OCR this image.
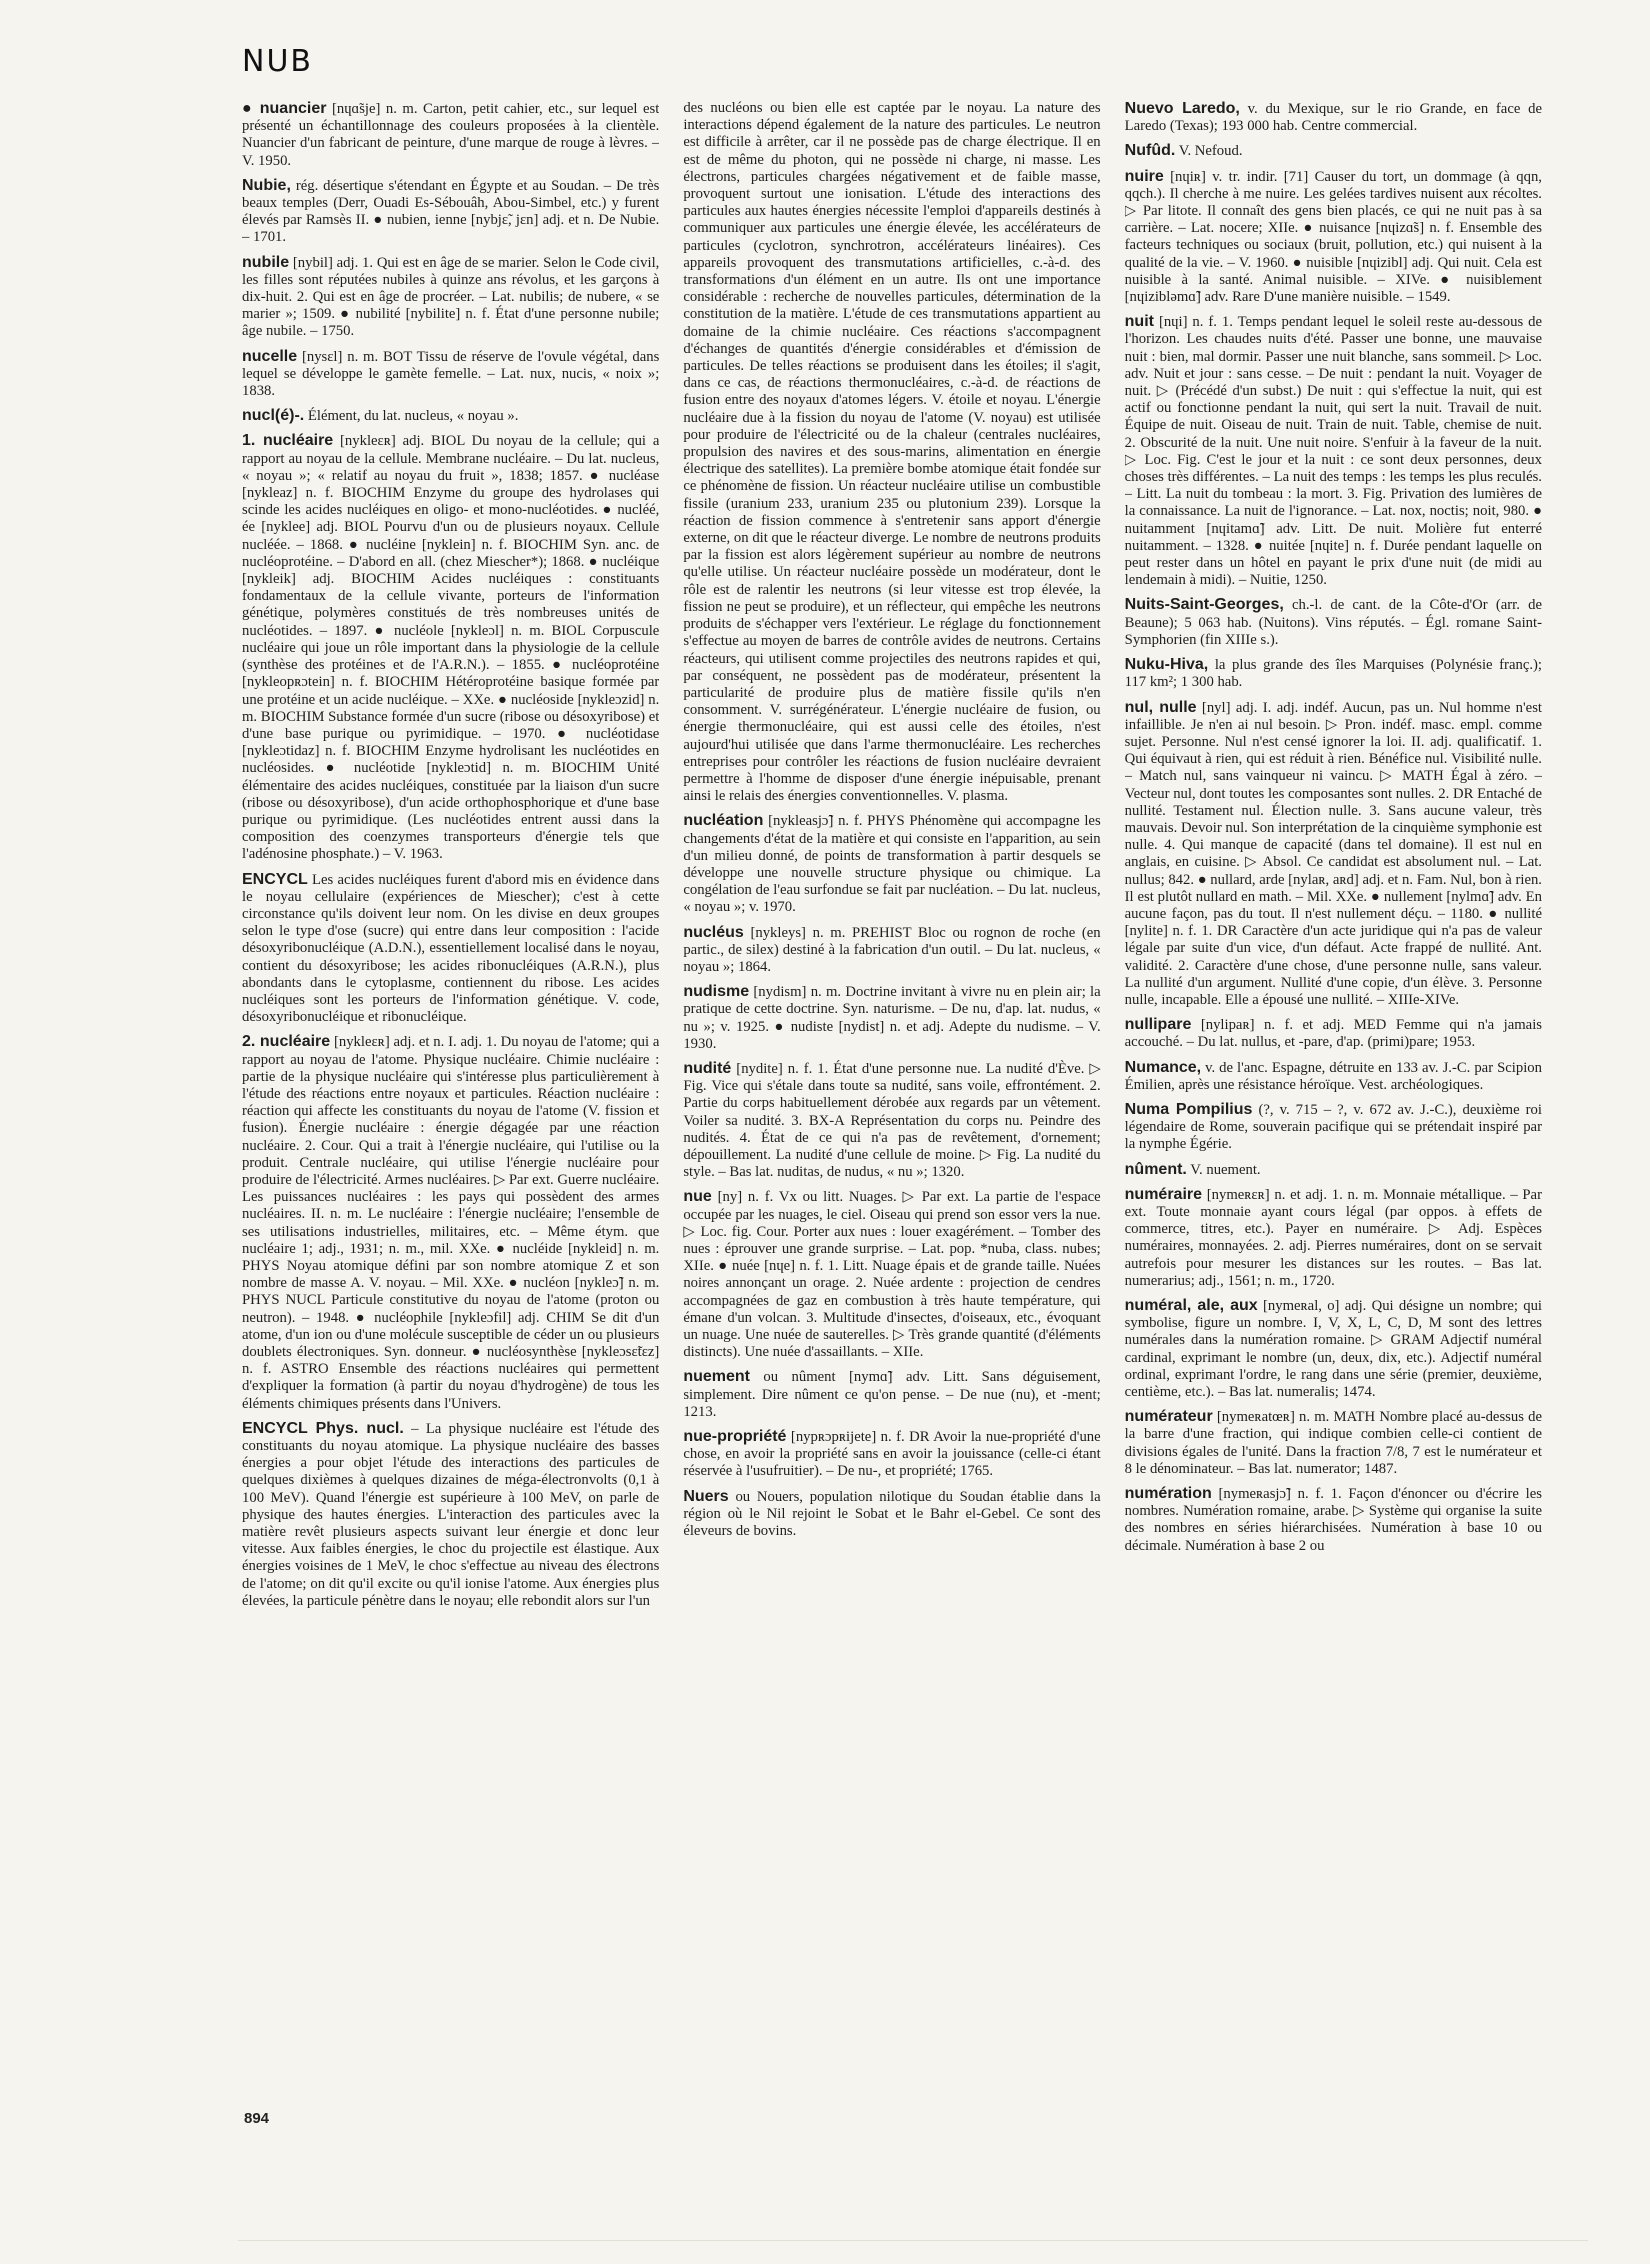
NUB

● nuancier [nɥɑ̃sje] n. m. Carton, petit cahier, etc., sur lequel est présenté un échantillonnage des couleurs proposées à la clientèle. Nuancier d'un fabricant de peinture, d'une marque de rouge à lèvres. – V. 1950.

Nubie, rég. désertique s'étendant en Égypte et au Soudan. – De très beaux temples (Derr, Ouadi Es-Sébouâh, Abou-Simbel, etc.) y furent élevés par Ramsès II. ● nubien, ienne [nybjɛ̃, jɛn] adj. et n. De Nubie. – 1701.

nubile [nybil] adj. 1. Qui est en âge de se marier. Selon le Code civil, les filles sont réputées nubiles à quinze ans révolus, et les garçons à dix-huit. 2. Qui est en âge de procréer. – Lat. nubilis; de nubere, « se marier »; 1509. ● nubilité [nybilite] n. f. État d'une personne nubile; âge nubile. – 1750.

nucelle [nysɛl] n. m. BOT Tissu de réserve de l'ovule végétal, dans lequel se développe le gamète femelle. – Lat. nux, nucis, « noix »; 1838.

nucl(é)-. Élément, du lat. nucleus, « noyau ».

1. nucléaire [nykleɛʀ] adj. BIOL Du noyau de la cellule; qui a rapport au noyau de la cellule. Membrane nucléaire. – Du lat. nucleus, « noyau »; « relatif au noyau du fruit », 1838; 1857. ● nucléase [nykleaz] n. f. BIOCHIM Enzyme du groupe des hydrolases qui scinde les acides nucléiques en oligo- et mono-nucléotides. ● nucléé, ée [nyklee] adj. BIOL Pourvu d'un ou de plusieurs noyaux. Cellule nucléée. – 1868. ● nucléine [nyklein] n. f. BIOCHIM Syn. anc. de nucléoprotéine. – D'abord en all. (chez Miescher*); 1868. ● nucléique [nykleik] adj. BIOCHIM Acides nucléiques : constituants fondamentaux de la cellule vivante, porteurs de l'information génétique, polymères constitués de très nombreuses unités de nucléotides. – 1897. ● nucléole [nykleɔl] n. m. BIOL Corpuscule nucléaire qui joue un rôle important dans la physiologie de la cellule (synthèse des protéines et de l'A.R.N.). – 1855. ● nucléoprotéine [nykleopʀɔtein] n. f. BIOCHIM Hétéroprotéine basique formée par une protéine et un acide nucléique. – XXe. ● nucléoside [nykleɔzid] n. m. BIOCHIM Substance formée d'un sucre (ribose ou désoxyribose) et d'une base purique ou pyrimidique. – 1970. ● nucléotidase [nykleɔtidaz] n. f. BIOCHIM Enzyme hydrolisant les nucléotides en nucléosides. ● nucléotide [nykleɔtid] n. m. BIOCHIM Unité élémentaire des acides nucléiques, constituée par la liaison d'un sucre (ribose ou désoxyribose), d'un acide orthophosphorique et d'une base purique ou pyrimidique. (Les nucléotides entrent aussi dans la composition des coenzymes transporteurs d'énergie tels que l'adénosine phosphate.) – V. 1963.

ENCYCL Les acides nucléiques furent d'abord mis en évidence dans le noyau cellulaire (expériences de Miescher); c'est à cette circonstance qu'ils doivent leur nom. On les divise en deux groupes selon le type d'ose (sucre) qui entre dans leur composition : l'acide désoxyribonucléique (A.D.N.), essentiellement localisé dans le noyau, contient du désoxyribose; les acides ribonucléiques (A.R.N.), plus abondants dans le cytoplasme, contiennent du ribose. Les acides nucléiques sont les porteurs de l'information génétique. V. code, désoxyribonucléique et ribonucléique.

2. nucléaire [nykleɛʀ] adj. et n. I. adj. 1. Du noyau de l'atome; qui a rapport au noyau de l'atome. Physique nucléaire. Chimie nucléaire : partie de la physique nucléaire qui s'intéresse plus particulièrement à l'étude des réactions entre noyaux et particules. Réaction nucléaire : réaction qui affecte les constituants du noyau de l'atome (V. fission et fusion). Énergie nucléaire : énergie dégagée par une réaction nucléaire. 2. Cour. Qui a trait à l'énergie nucléaire, qui l'utilise ou la produit. Centrale nucléaire, qui utilise l'énergie nucléaire pour produire de l'électricité. Armes nucléaires. ▷ Par ext. Guerre nucléaire. Les puissances nucléaires : les pays qui possèdent des armes nucléaires. II. n. m. Le nucléaire : l'énergie nucléaire; l'ensemble de ses utilisations industrielles, militaires, etc. – Même étym. que nucléaire 1; adj., 1931; n. m., mil. XXe. ● nucléide [nykleid] n. m. PHYS Noyau atomique défini par son nombre atomique Z et son nombre de masse A. V. noyau. – Mil. XXe. ● nucléon [nykleɔ̃] n. m. PHYS NUCL Particule constitutive du noyau de l'atome (proton ou neutron). – 1948. ● nucléophile [nykleɔfil] adj. CHIM Se dit d'un atome, d'un ion ou d'une molécule susceptible de céder un ou plusieurs doublets électroniques. Syn. donneur. ● nucléosynthèse [nykleɔsɛ̃tɛz] n. f. ASTRO Ensemble des réactions nucléaires qui permettent d'expliquer la formation (à partir du noyau d'hydrogène) de tous les éléments chimiques présents dans l'Univers.

ENCYCL Phys. nucl. – La physique nucléaire est l'étude des constituants du noyau atomique. La physique nucléaire des basses énergies a pour objet l'étude des interactions des particules de quelques dixièmes à quelques dizaines de méga-électronvolts (0,1 à 100 MeV). Quand l'énergie est supérieure à 100 MeV, on parle de physique des hautes énergies. L'interaction des particules avec la matière revêt plusieurs aspects suivant leur énergie et donc leur vitesse. Aux faibles énergies, le choc du projectile est élastique. Aux énergies voisines de 1 MeV, le choc s'effectue au niveau des électrons de l'atome; on dit qu'il excite ou qu'il ionise l'atome. Aux énergies plus élevées, la particule pénètre dans le noyau; elle rebondit alors sur l'un

des nucléons ou bien elle est captée par le noyau. La nature des interactions dépend également de la nature des particules. Le neutron est difficile à arrêter, car il ne possède pas de charge électrique. Il en est de même du photon, qui ne possède ni charge, ni masse. Les électrons, particules chargées négativement et de faible masse, provoquent surtout une ionisation. L'étude des interactions des particules aux hautes énergies nécessite l'emploi d'appareils destinés à communiquer aux particules une énergie élevée, les accélérateurs de particules (cyclotron, synchrotron, accélérateurs linéaires). Ces appareils provoquent des transmutations artificielles, c.-à-d. des transformations d'un élément en un autre. Ils ont une importance considérable : recherche de nouvelles particules, détermination de la constitution de la matière. L'étude de ces transmutations appartient au domaine de la chimie nucléaire. Ces réactions s'accompagnent d'échanges de quantités d'énergie considérables et d'émission de particules. De telles réactions se produisent dans les étoiles; il s'agit, dans ce cas, de réactions thermonucléaires, c.-à-d. de réactions de fusion entre des noyaux d'atomes légers. V. étoile et noyau. L'énergie nucléaire due à la fission du noyau de l'atome (V. noyau) est utilisée pour produire de l'électricité ou de la chaleur (centrales nucléaires, propulsion des navires et des sous-marins, alimentation en énergie électrique des satellites). La première bombe atomique était fondée sur ce phénomène de fission. Un réacteur nucléaire utilise un combustible fissile (uranium 233, uranium 235 ou plutonium 239). Lorsque la réaction de fission commence à s'entretenir sans apport d'énergie externe, on dit que le réacteur diverge. Le nombre de neutrons produits par la fission est alors légèrement supérieur au nombre de neutrons qu'elle utilise. Un réacteur nucléaire possède un modérateur, dont le rôle est de ralentir les neutrons (si leur vitesse est trop élevée, la fission ne peut se produire), et un réflecteur, qui empêche les neutrons produits de s'échapper vers l'extérieur. Le réglage du fonctionnement s'effectue au moyen de barres de contrôle avides de neutrons. Certains réacteurs, qui utilisent comme projectiles des neutrons rapides et qui, par conséquent, ne possèdent pas de modérateur, présentent la particularité de produire plus de matière fissile qu'ils n'en consomment. V. surrégénérateur. L'énergie nucléaire de fusion, ou énergie thermonucléaire, qui est aussi celle des étoiles, n'est aujourd'hui utilisée que dans l'arme thermonucléaire. Les recherches entreprises pour contrôler les réactions de fusion nucléaire devraient permettre à l'homme de disposer d'une énergie inépuisable, prenant ainsi le relais des énergies conventionnelles. V. plasma.

nucléation [nykleasjɔ̃] n. f. PHYS Phénomène qui accompagne les changements d'état de la matière et qui consiste en l'apparition, au sein d'un milieu donné, de points de transformation à partir desquels se développe une nouvelle structure physique ou chimique. La congélation de l'eau surfondue se fait par nucléation. – Du lat. nucleus, « noyau »; v. 1970.

nucléus [nykleys] n. m. PREHIST Bloc ou rognon de roche (en partic., de silex) destiné à la fabrication d'un outil. – Du lat. nucleus, « noyau »; 1864.

nudisme [nydism] n. m. Doctrine invitant à vivre nu en plein air; la pratique de cette doctrine. Syn. naturisme. – De nu, d'ap. lat. nudus, « nu »; v. 1925. ● nudiste [nydist] n. et adj. Adepte du nudisme. – V. 1930.

nudité [nydite] n. f. 1. État d'une personne nue. La nudité d'Ève. ▷ Fig. Vice qui s'étale dans toute sa nudité, sans voile, effrontément. 2. Partie du corps habituellement dérobée aux regards par un vêtement. Voiler sa nudité. 3. BX-A Représentation du corps nu. Peindre des nudités. 4. État de ce qui n'a pas de revêtement, d'ornement; dépouillement. La nudité d'une cellule de moine. ▷ Fig. La nudité du style. – Bas lat. nuditas, de nudus, « nu »; 1320.

nue [ny] n. f. Vx ou litt. Nuages. ▷ Par ext. La partie de l'espace occupée par les nuages, le ciel. Oiseau qui prend son essor vers la nue. ▷ Loc. fig. Cour. Porter aux nues : louer exagérément. – Tomber des nues : éprouver une grande surprise. – Lat. pop. *nuba, class. nubes; XIIe. ● nuée [nɥe] n. f. 1. Litt. Nuage épais et de grande taille. Nuées noires annonçant un orage. 2. Nuée ardente : projection de cendres accompagnées de gaz en combustion à très haute température, qui émane d'un volcan. 3. Multitude d'insectes, d'oiseaux, etc., évoquant un nuage. Une nuée de sauterelles. ▷ Très grande quantité (d'éléments distincts). Une nuée d'assaillants. – XIIe.

nuement ou nûment [nymɑ̃] adv. Litt. Sans déguisement, simplement. Dire nûment ce qu'on pense. – De nue (nu), et -ment; 1213.

nue-propriété [nypʀɔpʀijete] n. f. DR Avoir la nue-propriété d'une chose, en avoir la propriété sans en avoir la jouissance (celle-ci étant réservée à l'usufruitier). – De nu-, et propriété; 1765.

Nuers ou Nouers, population nilotique du Soudan établie dans la région où le Nil rejoint le Sobat et le Bahr el-Gebel. Ce sont des éleveurs de bovins.

Nuevo Laredo, v. du Mexique, sur le rio Grande, en face de Laredo (Texas); 193 000 hab. Centre commercial.

Nufûd. V. Nefoud.

nuire [nɥiʀ] v. tr. indir. [71] Causer du tort, un dommage (à qqn, qqch.). Il cherche à me nuire. Les gelées tardives nuisent aux récoltes. ▷ Par litote. Il connaît des gens bien placés, ce qui ne nuit pas à sa carrière. – Lat. nocere; XIIe. ● nuisance [nɥizɑ̃s] n. f. Ensemble des facteurs techniques ou sociaux (bruit, pollution, etc.) qui nuisent à la qualité de la vie. – V. 1960. ● nuisible [nɥizibl] adj. Qui nuit. Cela est nuisible à la santé. Animal nuisible. – XIVe. ● nuisiblement [nɥiziblǝmɑ̃] adv. Rare D'une manière nuisible. – 1549.

nuit [nɥi] n. f. 1. Temps pendant lequel le soleil reste au-dessous de l'horizon. Les chaudes nuits d'été. Passer une bonne, une mauvaise nuit : bien, mal dormir. Passer une nuit blanche, sans sommeil. ▷ Loc. adv. Nuit et jour : sans cesse. – De nuit : pendant la nuit. Voyager de nuit. ▷ (Précédé d'un subst.) De nuit : qui s'effectue la nuit, qui est actif ou fonctionne pendant la nuit, qui sert la nuit. Travail de nuit. Équipe de nuit. Oiseau de nuit. Train de nuit. Table, chemise de nuit. 2. Obscurité de la nuit. Une nuit noire. S'enfuir à la faveur de la nuit. ▷ Loc. Fig. C'est le jour et la nuit : ce sont deux personnes, deux choses très différentes. – La nuit des temps : les temps les plus reculés. – Litt. La nuit du tombeau : la mort. 3. Fig. Privation des lumières de la connaissance. La nuit de l'ignorance. – Lat. nox, noctis; noit, 980. ● nuitamment [nɥitamɑ̃] adv. Litt. De nuit. Molière fut enterré nuitamment. – 1328. ● nuitée [nɥite] n. f. Durée pendant laquelle on peut rester dans un hôtel en payant le prix d'une nuit (de midi au lendemain à midi). – Nuitie, 1250.

Nuits-Saint-Georges, ch.-l. de cant. de la Côte-d'Or (arr. de Beaune); 5 063 hab. (Nuitons). Vins réputés. – Égl. romane Saint-Symphorien (fin XIIIe s.).

Nuku-Hiva, la plus grande des îles Marquises (Polynésie franç.); 117 km²; 1 300 hab.

nul, nulle [nyl] adj. I. adj. indéf. Aucun, pas un. Nul homme n'est infaillible. Je n'en ai nul besoin. ▷ Pron. indéf. masc. empl. comme sujet. Personne. Nul n'est censé ignorer la loi. II. adj. qualificatif. 1. Qui équivaut à rien, qui est réduit à rien. Bénéfice nul. Visibilité nulle. – Match nul, sans vainqueur ni vaincu. ▷ MATH Égal à zéro. – Vecteur nul, dont toutes les composantes sont nulles. 2. DR Entaché de nullité. Testament nul. Élection nulle. 3. Sans aucune valeur, très mauvais. Devoir nul. Son interprétation de la cinquième symphonie est nulle. 4. Qui manque de capacité (dans tel domaine). Il est nul en anglais, en cuisine. ▷ Absol. Ce candidat est absolument nul. – Lat. nullus; 842. ● nullard, arde [nylaʀ, aʀd] adj. et n. Fam. Nul, bon à rien. Il est plutôt nullard en math. – Mil. XXe. ● nullement [nylmɑ̃] adv. En aucune façon, pas du tout. Il n'est nullement déçu. – 1180. ● nullité [nylite] n. f. 1. DR Caractère d'un acte juridique qui n'a pas de valeur légale par suite d'un vice, d'un défaut. Acte frappé de nullité. Ant. validité. 2. Caractère d'une chose, d'une personne nulle, sans valeur. La nullité d'un argument. Nullité d'une copie, d'un élève. 3. Personne nulle, incapable. Elle a épousé une nullité. – XIIIe-XIVe.

nullipare [nylipaʀ] n. f. et adj. MED Femme qui n'a jamais accouché. – Du lat. nullus, et -pare, d'ap. (primi)pare; 1953.

Numance, v. de l'anc. Espagne, détruite en 133 av. J.-C. par Scipion Émilien, après une résistance héroïque. Vest. archéologiques.

Numa Pompilius (?, v. 715 – ?, v. 672 av. J.-C.), deuxième roi légendaire de Rome, souverain pacifique qui se prétendait inspiré par la nymphe Égérie.

nûment. V. nuement.

numéraire [nymeʀɛʀ] n. et adj. 1. n. m. Monnaie métallique. – Par ext. Toute monnaie ayant cours légal (par oppos. à effets de commerce, titres, etc.). Payer en numéraire. ▷ Adj. Espèces numéraires, monnayées. 2. adj. Pierres numéraires, dont on se servait autrefois pour mesurer les distances sur les routes. – Bas lat. numerarius; adj., 1561; n. m., 1720.

numéral, ale, aux [nymeʀal, o] adj. Qui désigne un nombre; qui symbolise, figure un nombre. I, V, X, L, C, D, M sont des lettres numérales dans la numération romaine. ▷ GRAM Adjectif numéral cardinal, exprimant le nombre (un, deux, dix, etc.). Adjectif numéral ordinal, exprimant l'ordre, le rang dans une série (premier, deuxième, centième, etc.). – Bas lat. numeralis; 1474.

numérateur [nymeʀatœʀ] n. m. MATH Nombre placé au-dessus de la barre d'une fraction, qui indique combien celle-ci contient de divisions égales de l'unité. Dans la fraction 7/8, 7 est le numérateur et 8 le dénominateur. – Bas lat. numerator; 1487.

numération [nymeʀasjɔ̃] n. f. 1. Façon d'énoncer ou d'écrire les nombres. Numération romaine, arabe. ▷ Système qui organise la suite des nombres en séries hiérarchisées. Numération à base 10 ou décimale. Numération à base 2 ou

894
